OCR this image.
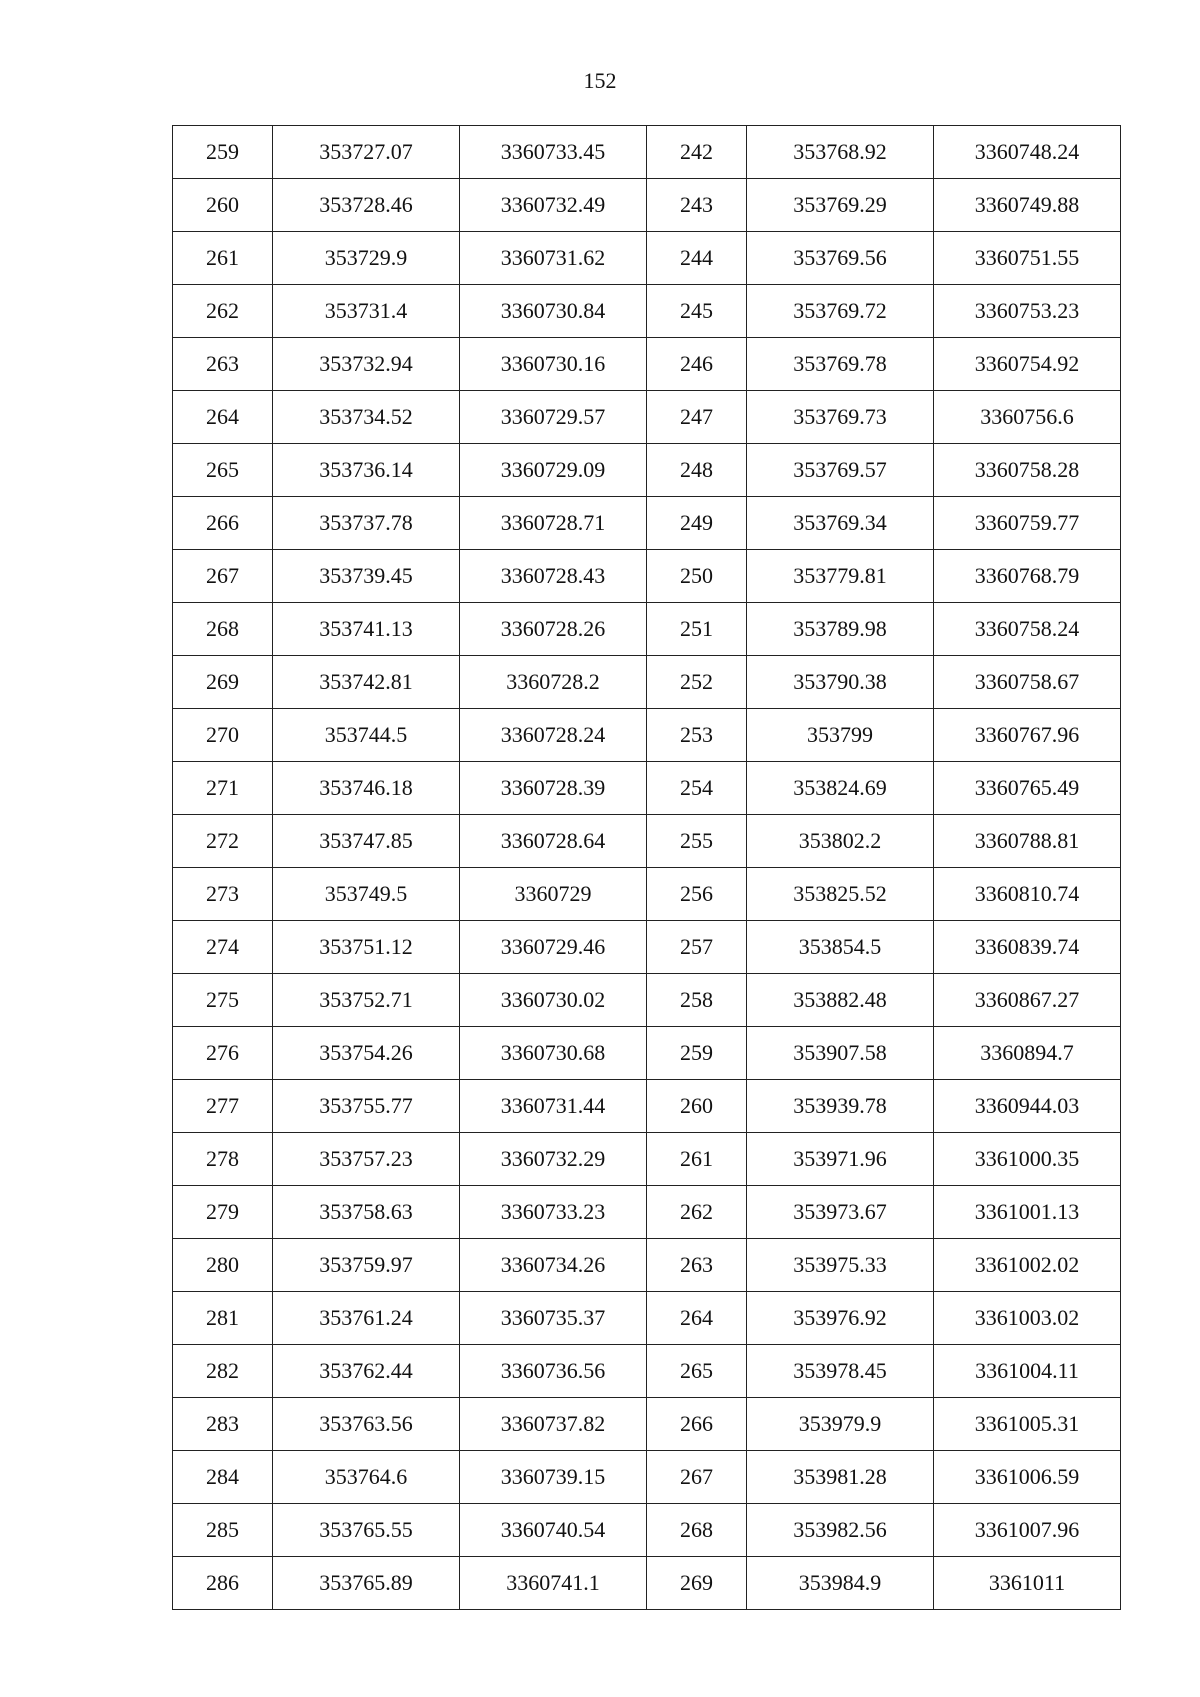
152
259	353727.07	3360733.45	242	353768.92	3360748.24
260	353728.46	3360732.49	243	353769.29	3360749.88
261	353729.9	3360731.62	244	353769.56	3360751.55
262	353731.4	3360730.84	245	353769.72	3360753.23
263	353732.94	3360730.16	246	353769.78	3360754.92
264	353734.52	3360729.57	247	353769.73	3360756.6
265	353736.14	3360729.09	248	353769.57	3360758.28
266	353737.78	3360728.71	249	353769.34	3360759.77
267	353739.45	3360728.43	250	353779.81	3360768.79
268	353741.13	3360728.26	251	353789.98	3360758.24
269	353742.81	3360728.2	252	353790.38	3360758.67
270	353744.5	3360728.24	253	353799	3360767.96
271	353746.18	3360728.39	254	353824.69	3360765.49
272	353747.85	3360728.64	255	353802.2	3360788.81
273	353749.5	3360729	256	353825.52	3360810.74
274	353751.12	3360729.46	257	353854.5	3360839.74
275	353752.71	3360730.02	258	353882.48	3360867.27
276	353754.26	3360730.68	259	353907.58	3360894.7
277	353755.77	3360731.44	260	353939.78	3360944.03
278	353757.23	3360732.29	261	353971.96	3361000.35
279	353758.63	3360733.23	262	353973.67	3361001.13
280	353759.97	3360734.26	263	353975.33	3361002.02
281	353761.24	3360735.37	264	353976.92	3361003.02
282	353762.44	3360736.56	265	353978.45	3361004.11
283	353763.56	3360737.82	266	353979.9	3361005.31
284	353764.6	3360739.15	267	353981.28	3361006.59
285	353765.55	3360740.54	268	353982.56	3361007.96
286	353765.89	3360741.1	269	353984.9	3361011
